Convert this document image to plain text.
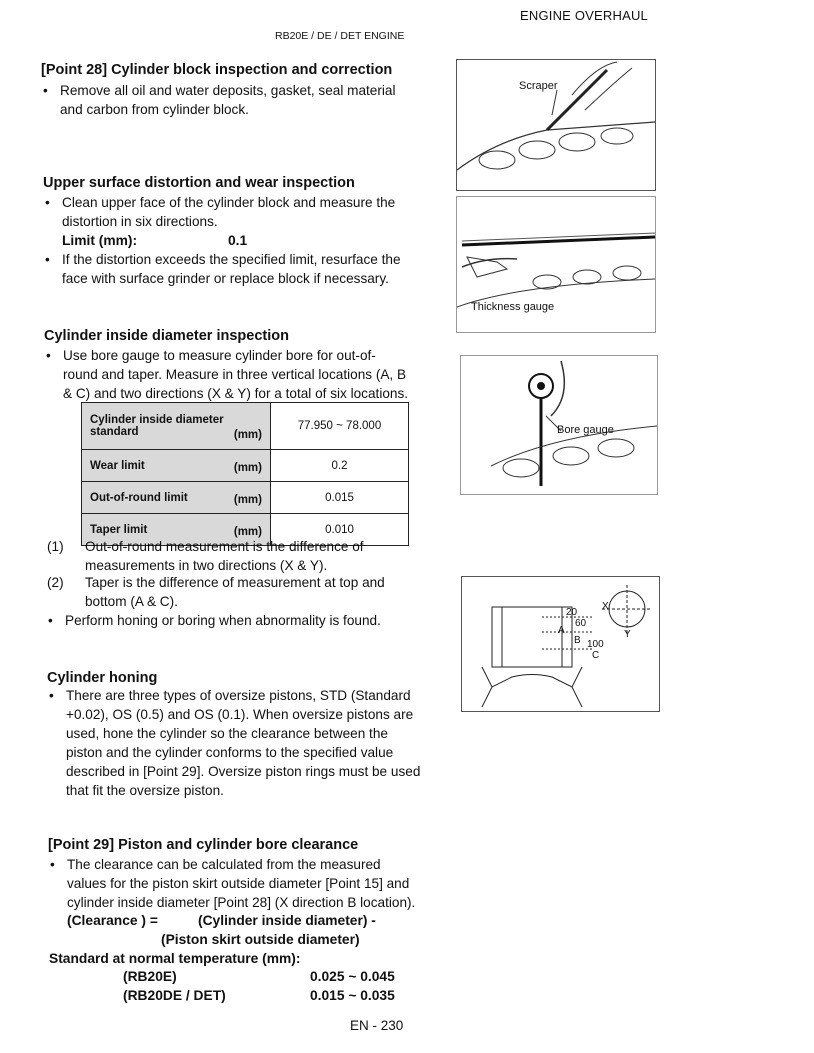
ENGINE OVERHAUL
RB20E / DE / DET ENGINE
[Point 28] Cylinder block inspection and correction
• Remove all oil and water deposits, gasket, seal material
and carbon from cylinder block.
Upper surface distortion and wear inspection
• Clean upper face of the cylinder block and measure the
distortion in six directions.
Limit (mm):	0.1
• If the distortion exceeds the specified limit, resurface the
face with surface grinder or replace block if necessary.
Cylinder inside diameter inspection
• Use bore gauge to measure cylinder bore for out-of-
round and taper. Measure in three vertical locations (A, B
& C) and two directions (X & Y) for a total of six locations.
Cylinder inside diameter
standard (mm)	77.950 ~ 78.000
Wear limit (mm)	0.2
Out-of-round limit (mm)	0.015
Taper limit (mm)	0.010
(1) Out-of-round measurement is the difference of
measurements in two directions (X & Y).
(2) Taper is the difference of measurement at top and
bottom (A & C).
• Perform honing or boring when abnormality is found.
Cylinder honing
• There are three types of oversize pistons, STD (Standard
+0.02), OS (0.5) and OS (0.1). When oversize pistons are
used, hone the cylinder so the clearance between the
piston and the cylinder conforms to the specified value
described in [Point 29]. Oversize piston rings must be used
that fit the oversize piston.
[Point 29] Piston and cylinder bore clearance
• The clearance can be calculated from the measured
values for the piston skirt outside diameter [Point 15] and
cylinder inside diameter [Point 28] (X direction B location).
(Clearance ) =	(Cylinder inside diameter) -
(Piston skirt outside diameter)
Standard at normal temperature (mm):
(RB20E)	0.025 ~ 0.045
(RB20DE / DET)	0.015 ~ 0.035
Scraper
Thickness gauge
Bore gauge
20
60
100
A
B
C
X
Y
EN - 230
